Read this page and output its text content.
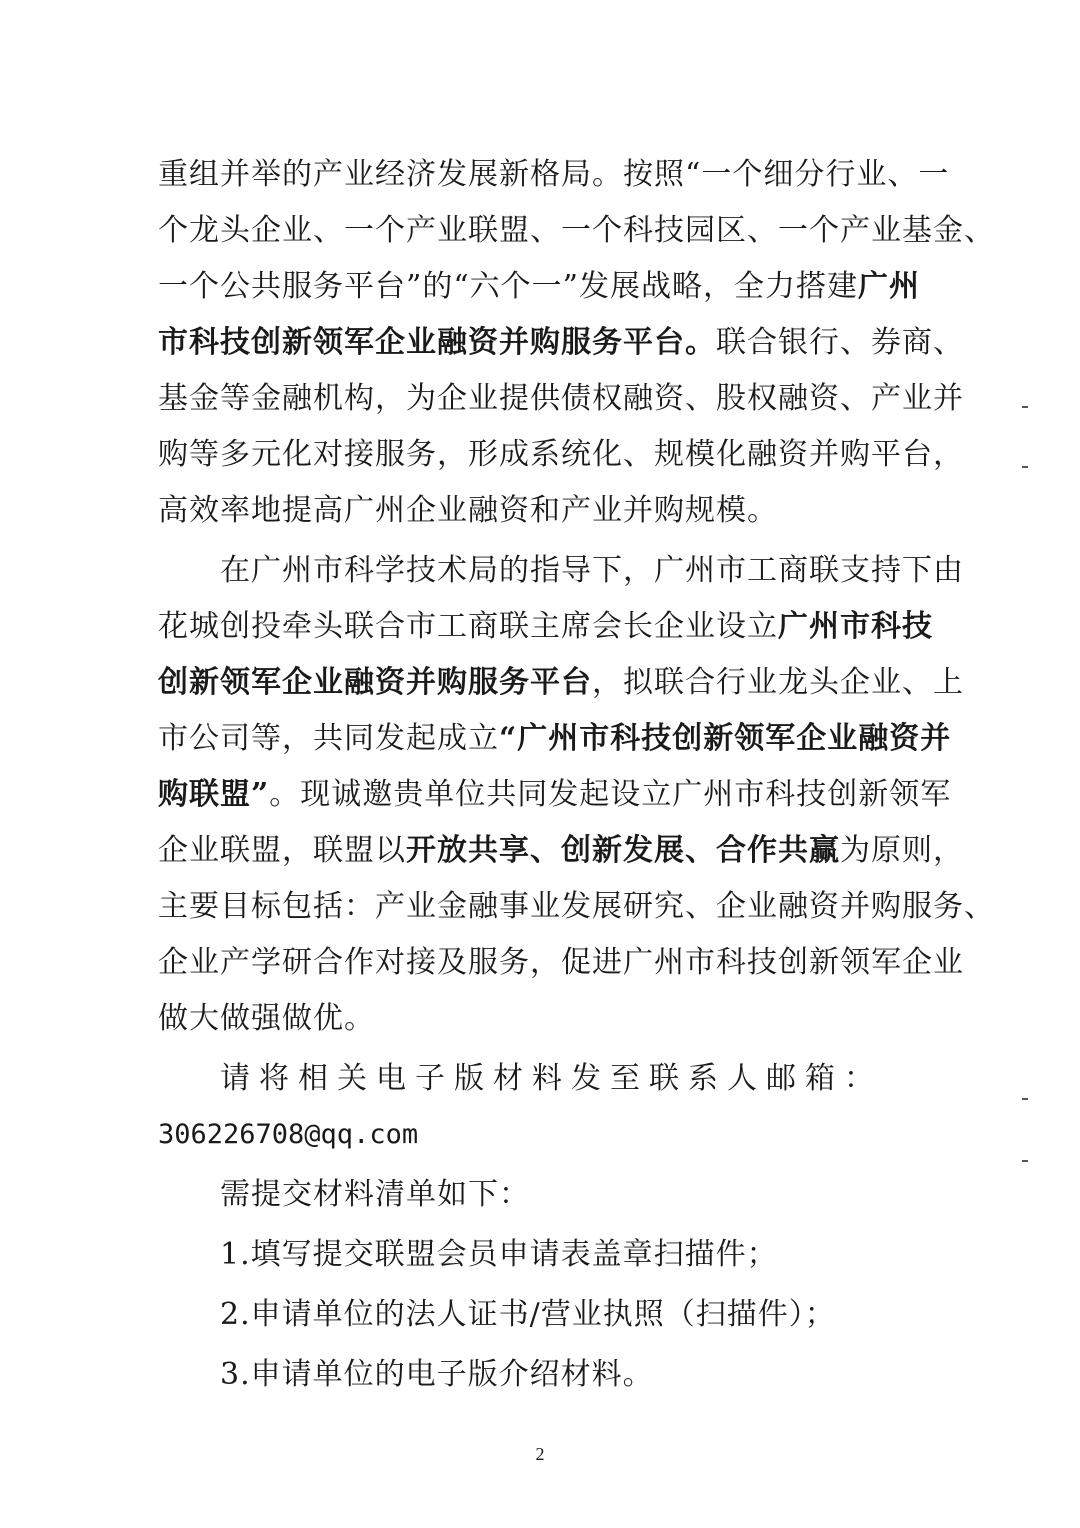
重组并举的产业经济发展新格局。按照“一个细分行业、一
个龙头企业、一个产业联盟、一个科技园区、一个产业基金、
一个公共服务平台”的“六个一”发展战略，全力搭建广州
市科技创新领军企业融资并购服务平台。联合银行、券商、
基金等金融机构，为企业提供债权融资、股权融资、产业并
购等多元化对接服务，形成系统化、规模化融资并购平台，
高效率地提高广州企业融资和产业并购规模。
在广州市科学技术局的指导下，广州市工商联支持下由
花城创投牵头联合市工商联主席会长企业设立广州市科技
创新领军企业融资并购服务平台，拟联合行业龙头企业、上
市公司等，共同发起成立“广州市科技创新领军企业融资并
购联盟”。现诚邀贵单位共同发起设立广州市科技创新领军
企业联盟，联盟以开放共享、创新发展、合作共赢为原则，
主要目标包括：产业金融事业发展研究、企业融资并购服务、
企业产学研合作对接及服务，促进广州市科技创新领军企业
做大做强做优。
请将相关电子版材料发至联系人邮箱：
306226708@qq.com
需提交材料清单如下：
1.填写提交联盟会员申请表盖章扫描件；
2.申请单位的法人证书/营业执照（扫描件）；
3.申请单位的电子版介绍材料。
2
